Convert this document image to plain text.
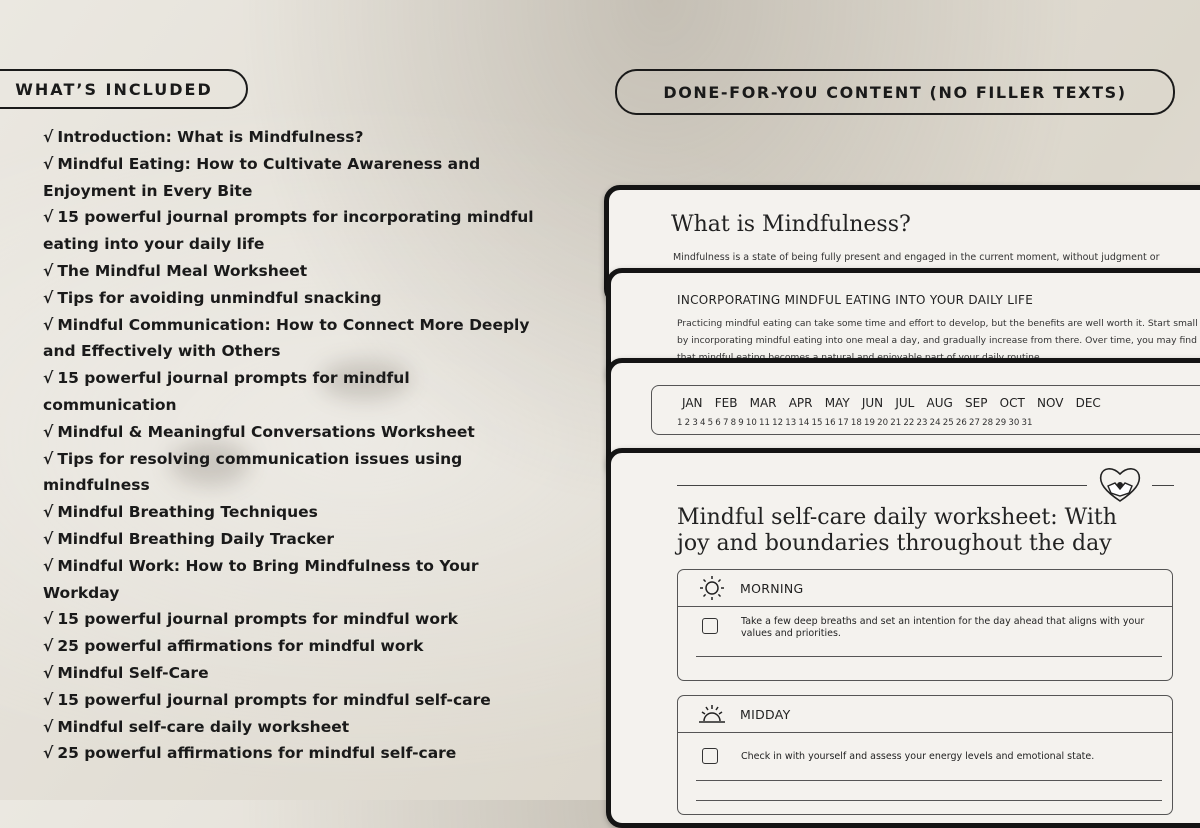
WHAT’S INCLUDED	DONE-FOR-YOU CONTENT (NO FILLER TEXTS)
√ Introduction: What is Mindfulness?
√ Mindful Eating: How to Cultivate Awareness and Enjoyment in Every Bite
√ 15 powerful journal prompts for incorporating mindful eating into your daily life
√ The Mindful Meal Worksheet
√ Tips for avoiding unmindful snacking
√ Mindful Communication: How to Connect More Deeply and Effectively with Others
√ 15 powerful journal prompts for mindful communication
√ Mindful & Meaningful Conversations Worksheet
√ Tips for resolving communication issues using mindfulness
√ Mindful Breathing Techniques
√ Mindful Breathing Daily Tracker
√ Mindful Work: How to Bring Mindfulness to Your Workday
√ 15 powerful journal prompts for mindful work
√ 25 powerful affirmations for mindful work
√ Mindful Self-Care
√ 15 powerful journal prompts for mindful self-care
√ Mindful self-care daily worksheet
√ 25 powerful affirmations for mindful self-care
What is Mindfulness?
Mindfulness is a state of being fully present and engaged in the current moment, without judgment or
INCORPORATING MINDFUL EATING INTO YOUR DAILY LIFE
Practicing mindful eating can take some time and effort to develop, but the benefits are well worth it. Start small by incorporating mindful eating into one meal a day, and gradually increase from there. Over time, you may find
JAN FEB MAR APR MAY JUN JUL AUG SEP OCT NOV DEC
1 2 3 4 5 6 7 8 9 10 11 12 13 14 15 16 17 18 19 20 21 22 23 24 25 26 27 28 29 30 31
Mindful self-care daily worksheet: With joy and boundaries throughout the day
MORNING
Take a few deep breaths and set an intention for the day ahead that aligns with your values and priorities.
MIDDAY
Check in with yourself and assess your energy levels and emotional state.
